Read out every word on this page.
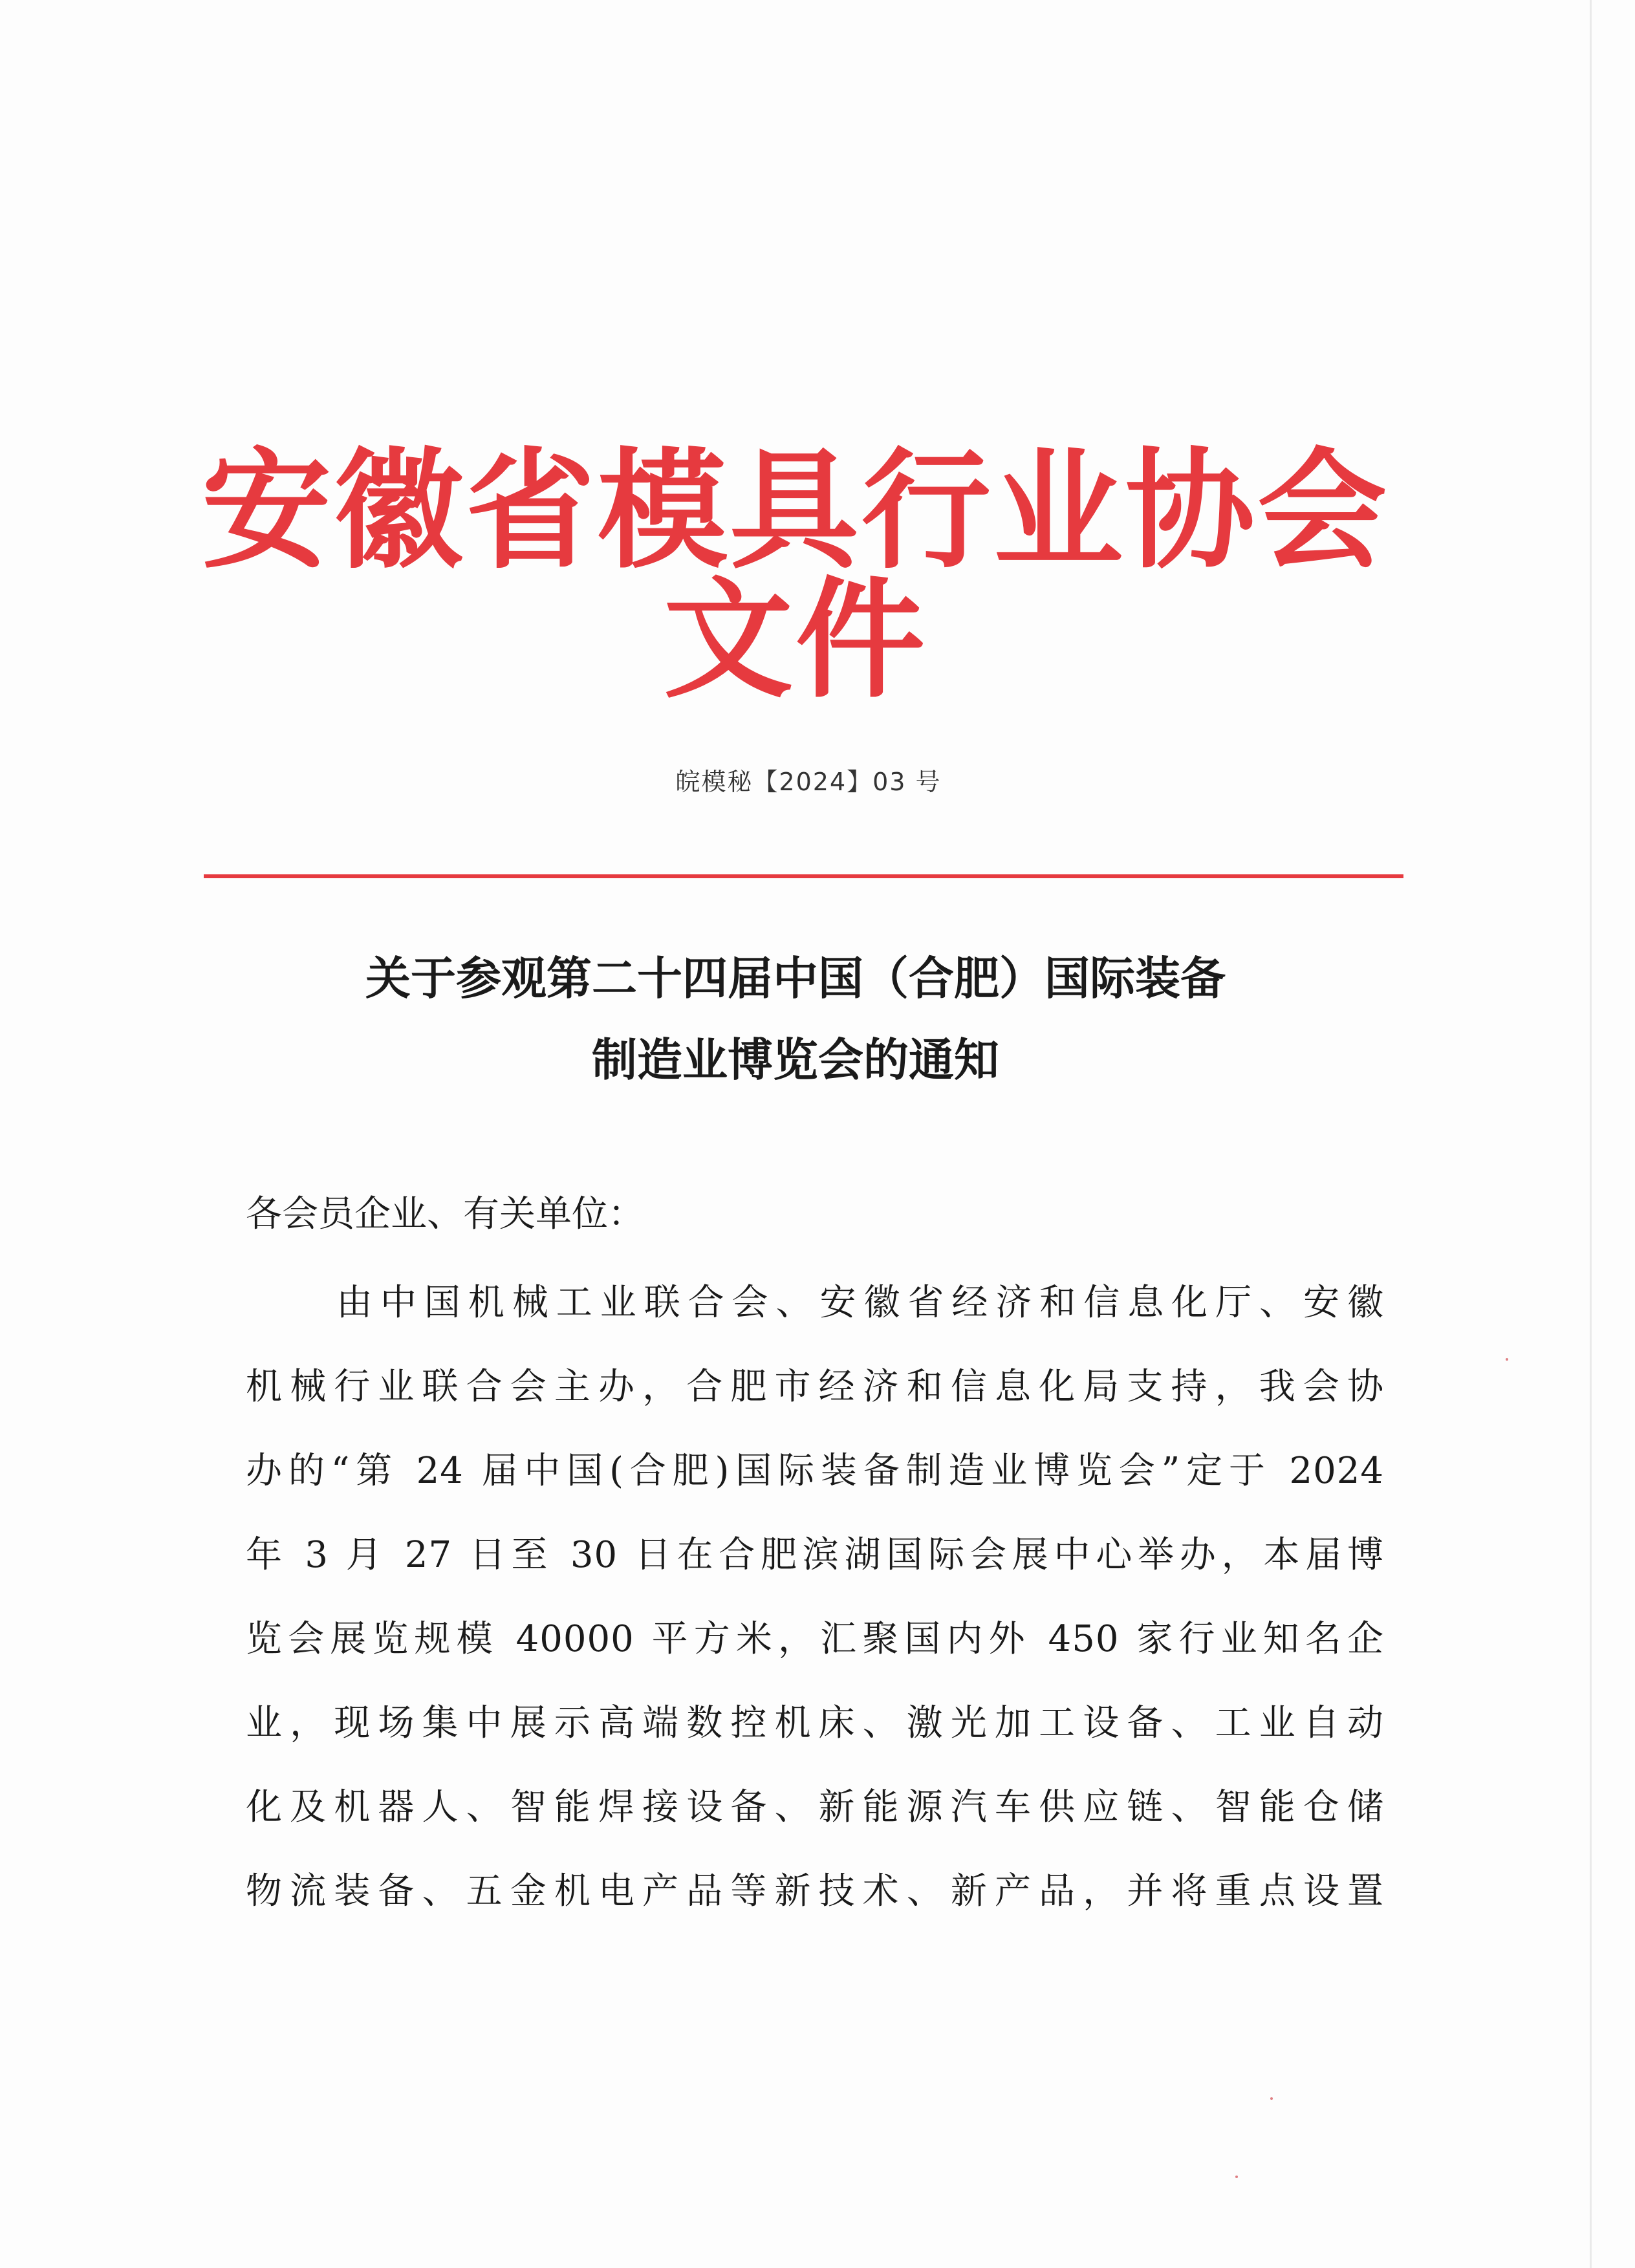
安徽省模具行业协会文件
皖模秘【2024】03 号
关于参观第二十四届中国（合肥）国际装备
制造业博览会的通知
各会员企业、有关单位：
由中国机械工业联合会、安徽省经济和信息化厅、安徽
机械行业联合会主办，合肥市经济和信息化局支持，我会协
办的“第 24 届中国(合肥)国际装备制造业博览会”定于 2024
年 3 月 27 日至 30 日在合肥滨湖国际会展中心举办，本届博
览会展览规模 40000 平方米，汇聚国内外 450 家行业知名企
业，现场集中展示高端数控机床、激光加工设备、工业自动
化及机器人、智能焊接设备、新能源汽车供应链、智能仓储
物流装备、五金机电产品等新技术、新产品，并将重点设置
